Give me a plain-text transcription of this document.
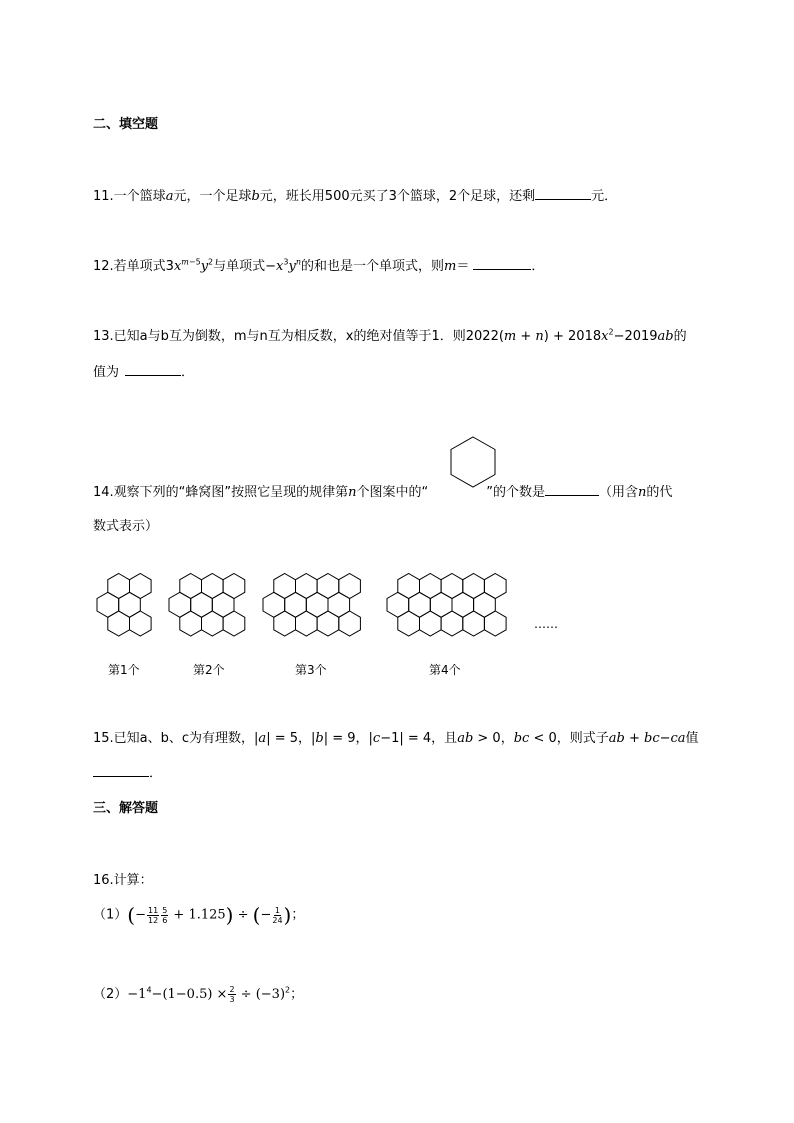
二、填空题
11.一个篮球a元，一个足球b元，班长用500元买了3个篮球，2个足球，还剩	元．
12.若单项式$3x^{m-5}y^2$与单项式$-x^3y^n$的和也是一个单项式，则m＝	．
13.已知a与b互为倒数，m与n互为相反数，x的绝对值等于1．则$2022(m + n) + 2018x^2-2019ab$的
值为	．
14.观察下列的“蜂窝图”按照它呈现的规律第n个图案中的“	”的个数是	（用含n的代
数式表示）
第1个	第2个	第3个	第4个
……
15.已知a、b、c为有理数，|a| = 5，|b| = 9，|c−1| = 4，且ab > 0，bc < 0，则式子ab + bc−ca值
．
三、解答题
16.计算：
$(1)(- \frac{11}{12} \frac{5}{6} + 1.125)$ ÷ (− $\frac{1}{24}$ )；
$(2)-1^4-(1-0.5) \times \frac{2}{3} \div (-3)^2$；
